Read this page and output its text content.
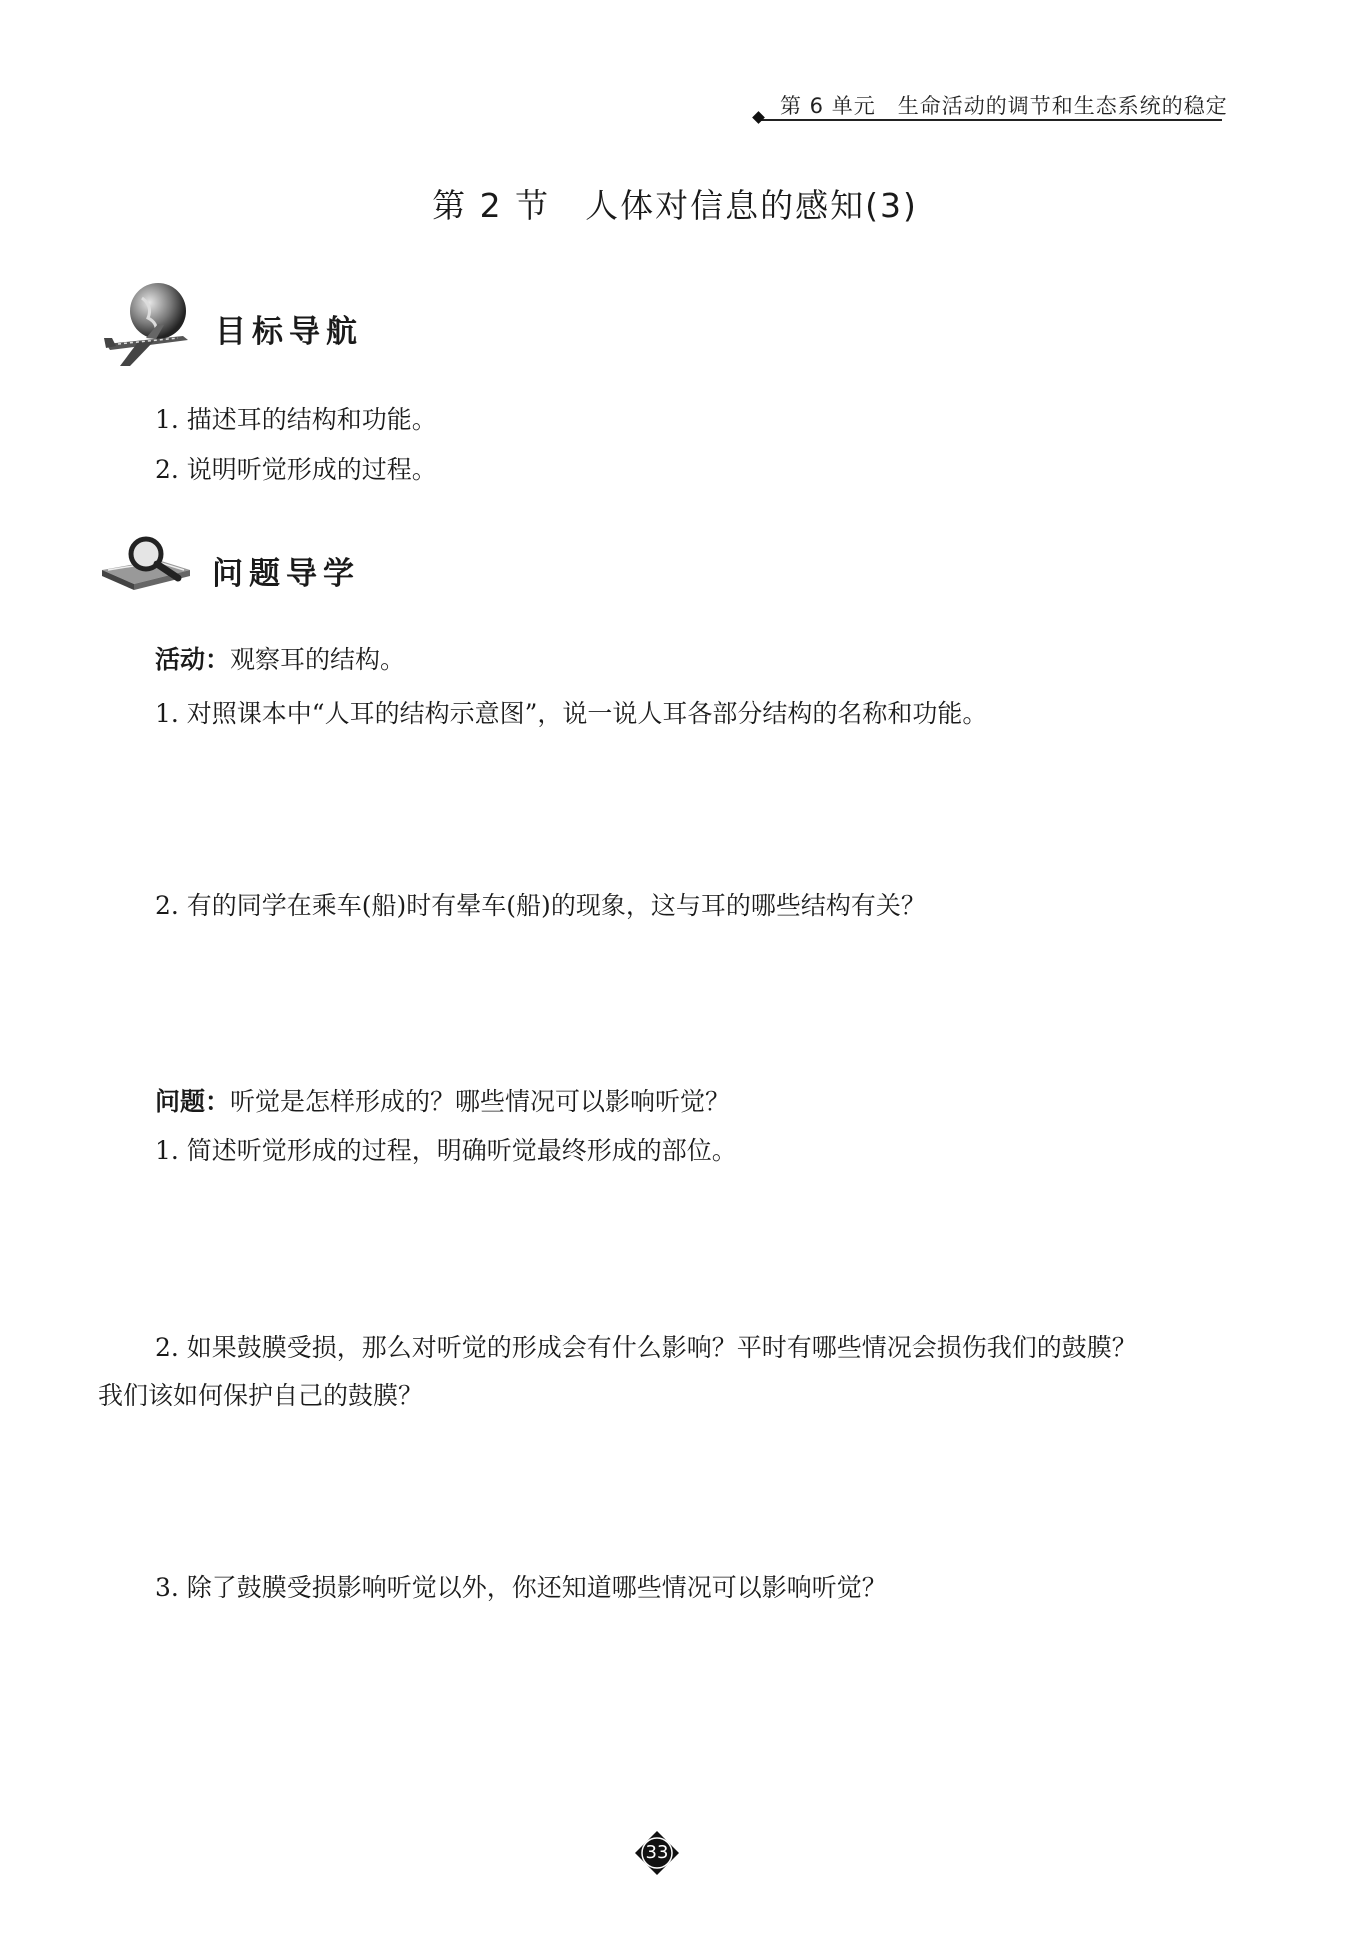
第 6 单元　生命活动的调节和生态系统的稳定
第 2 节　人体对信息的感知(3)
目标导航
1. 描述耳的结构和功能。
2. 说明听觉形成的过程。
问题导学
活动：观察耳的结构。
1. 对照课本中“人耳的结构示意图”，说一说人耳各部分结构的名称和功能。
2. 有的同学在乘车(船)时有晕车(船)的现象，这与耳的哪些结构有关？
问题：听觉是怎样形成的？哪些情况可以影响听觉？
1. 简述听觉形成的过程，明确听觉最终形成的部位。
2. 如果鼓膜受损，那么对听觉的形成会有什么影响？平时有哪些情况会损伤我们的鼓膜？
我们该如何保护自己的鼓膜？
3. 除了鼓膜受损影响听觉以外，你还知道哪些情况可以影响听觉？
33
